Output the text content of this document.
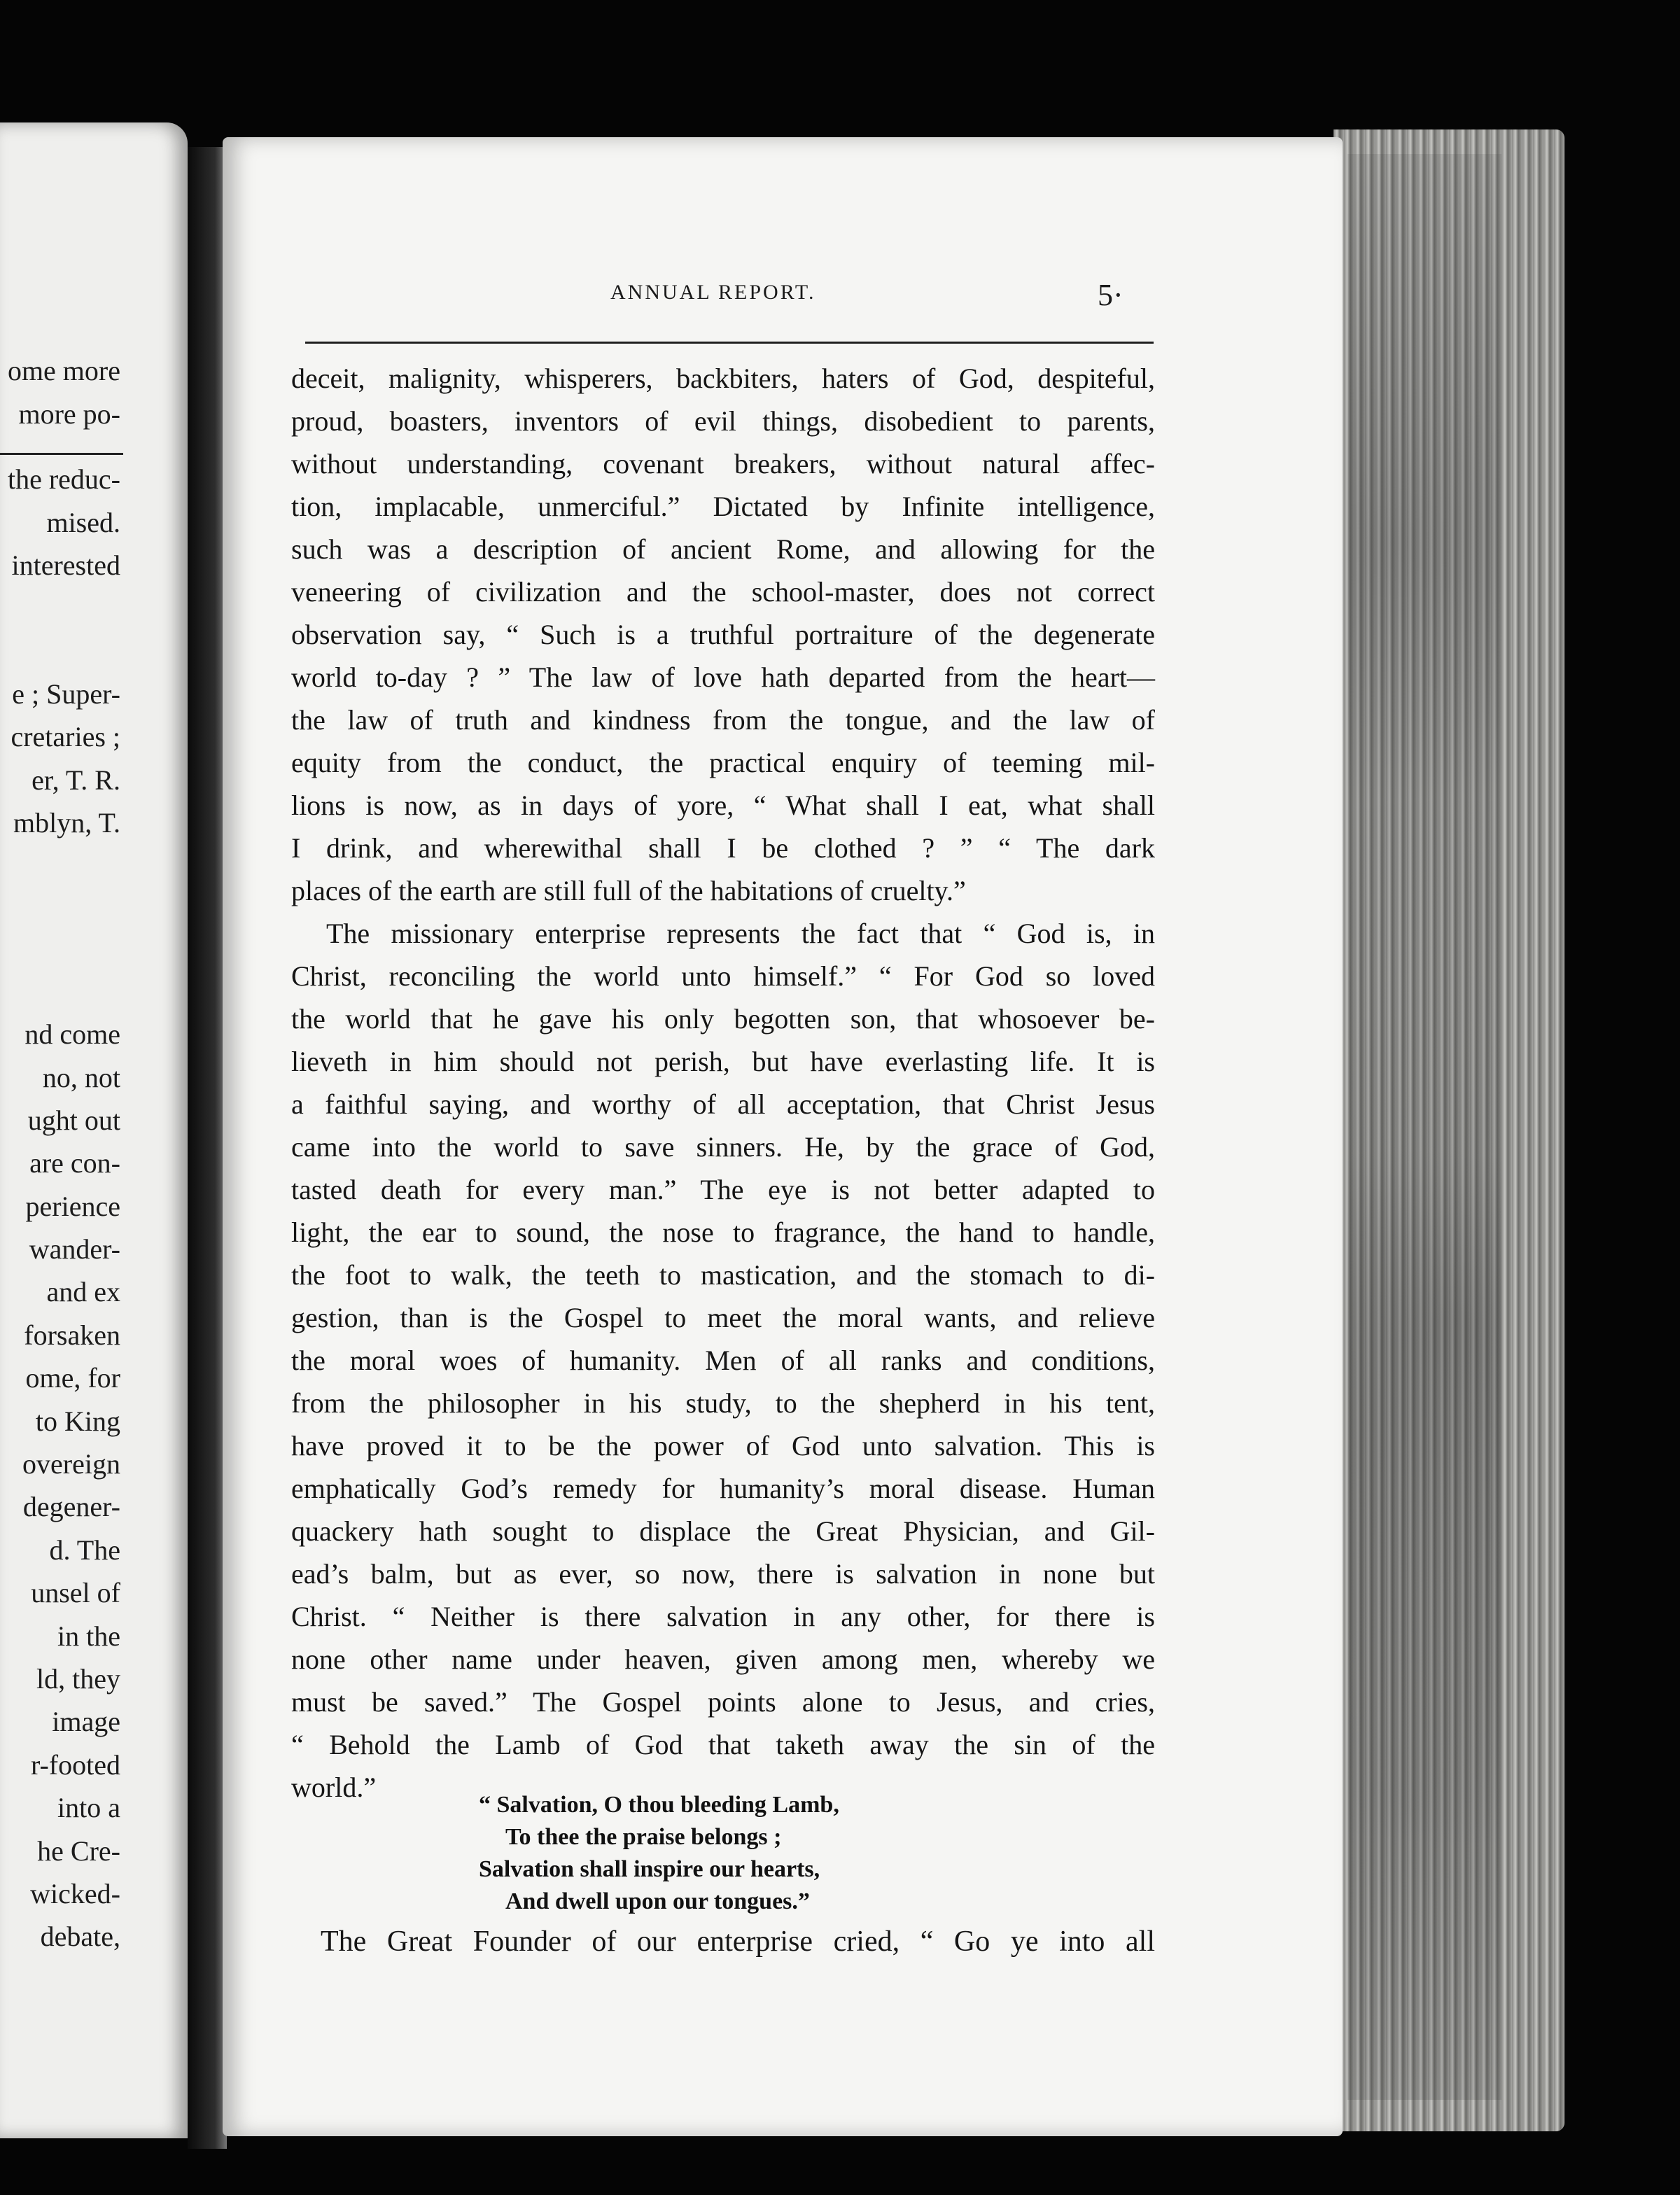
ome more
more po-
the reduc-
mised.
interested
e ; Super-
cretaries ;
er, T. R.
mblyn, T.
nd come
no, not
ught out
are con-
perience
wander-
and ex
forsaken
ome, for
to King
overeign
degener-
d. The
unsel of
in the
ld, they
image
r-footed
into a
he Cre-
wicked-
debate,
ANNUAL REPORT.	5·
deceit, malignity, whisperers, backbiters, haters of God, despiteful,
proud, boasters, inventors of evil things, disobedient to parents,
without understanding, covenant breakers, without natural affec-
tion, implacable, unmerciful.” Dictated by Infinite intelligence,
such was a description of ancient Rome, and allowing for the
veneering of civilization and the school-master, does not correct
observation say, “ Such is a truthful portraiture of the degenerate
world to-day ? ” The law of love hath departed from the heart—
the law of truth and kindness from the tongue, and the law of
equity from the conduct, the practical enquiry of teeming mil-
lions is now, as in days of yore, “ What shall I eat, what shall
I drink, and wherewithal shall I be clothed ? ” “ The dark
places of the earth are still full of the habitations of cruelty.”
The missionary enterprise represents the fact that “ God is, in
Christ, reconciling the world unto himself.” “ For God so loved
the world that he gave his only begotten son, that whosoever be-
lieveth in him should not perish, but have everlasting life. It is
a faithful saying, and worthy of all acceptation, that Christ Jesus
came into the world to save sinners. He, by the grace of God,
tasted death for every man.” The eye is not better adapted to
light, the ear to sound, the nose to fragrance, the hand to handle,
the foot to walk, the teeth to mastication, and the stomach to di-
gestion, than is the Gospel to meet the moral wants, and relieve
the moral woes of humanity. Men of all ranks and conditions,
from the philosopher in his study, to the shepherd in his tent,
have proved it to be the power of God unto salvation. This is
emphatically God’s remedy for humanity’s moral disease. Human
quackery hath sought to displace the Great Physician, and Gil-
ead’s balm, but as ever, so now, there is salvation in none but
Christ. “ Neither is there salvation in any other, for there is
none other name under heaven, given among men, whereby we
must be saved.” The Gospel points alone to Jesus, and cries,
“ Behold the Lamb of God that taketh away the sin of the
world.”
“ Salvation, O thou bleeding Lamb,
To thee the praise belongs ;
Salvation shall inspire our hearts,
And dwell upon our tongues.”
The Great Founder of our enterprise cried, “ Go ye into all
